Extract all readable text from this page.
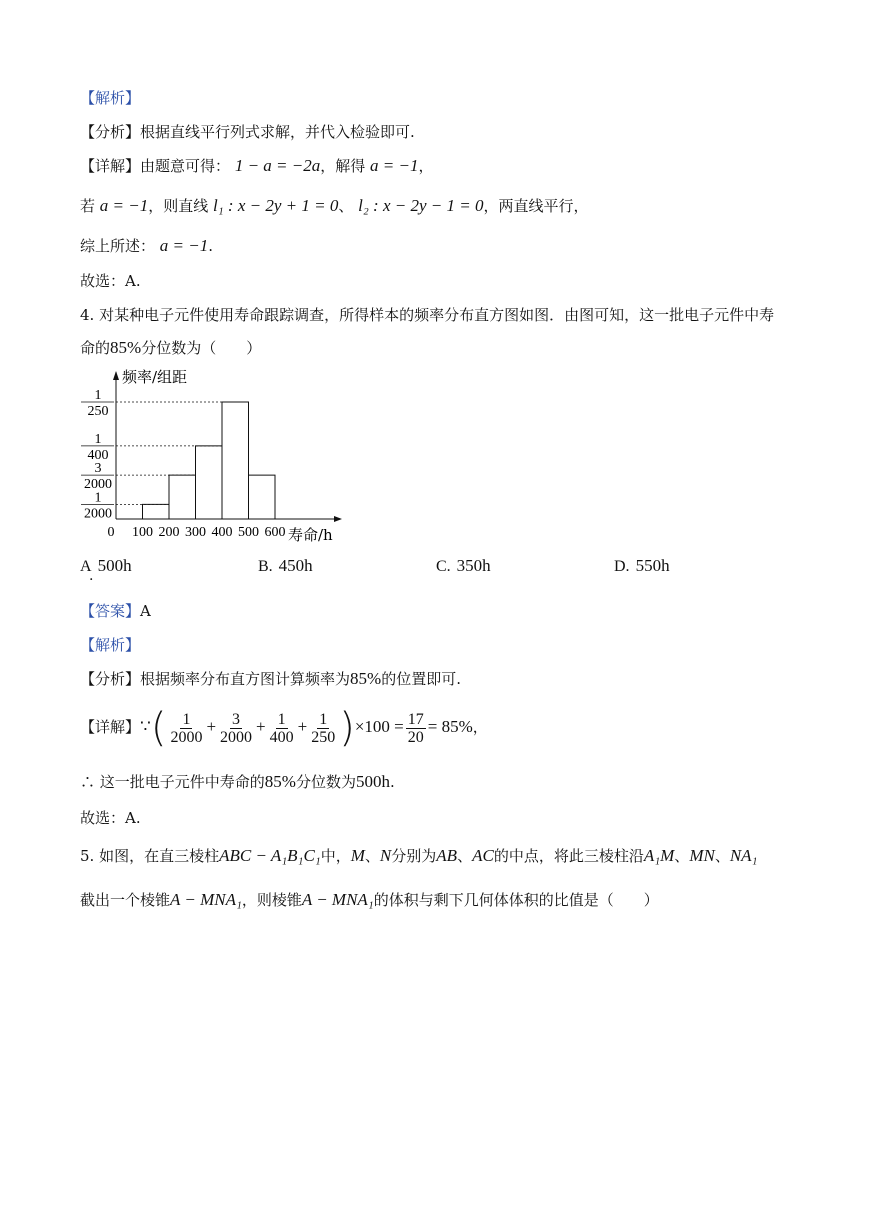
【解析】
【分析】根据直线平行列式求解，并代入检验即可.
【详解】由题意可得： 1 − a = −2a，解得 a = −1，
若 a = −1，则直线 l₁ : x − 2y + 1 = 0、 l₂ : x − 2y − 1 = 0，两直线平行，
综上所述： a = −1.
故选：A.
4. 对某种电子元件使用寿命跟踪调查，所得样本的频率分布直方图如图．由图可知，这一批电子元件中寿
命的85%分位数为（　　）
频率/组距
寿命/h
1
2000
3
2000
1
400
1
250
0 100 200 300 400 500 600
A 500h
.
B. 450h	C. 350h	D. 550h
【答案】A
【解析】
【分析】根据频率分布直方图计算频率为85%的位置即可.
【详解】∵( $\frac{1}{2000} + \frac{3}{2000} + \frac{1}{400} + \frac{1}{250} )\times 100 = \frac{17}{20} = 85\%$，
∴ 这一批电子元件中寿命的85%分位数为500h.
故选：A.
5. 如图，在直三棱柱ABC − A₁B₁C₁中，M、N分别为AB、AC的中点，将此三棱柱沿A₁M、MN、NA₁
截出一个棱锥A − MNA₁，则棱锥A − MNA₁的体积与剩下几何体体积的比值是（　　）
